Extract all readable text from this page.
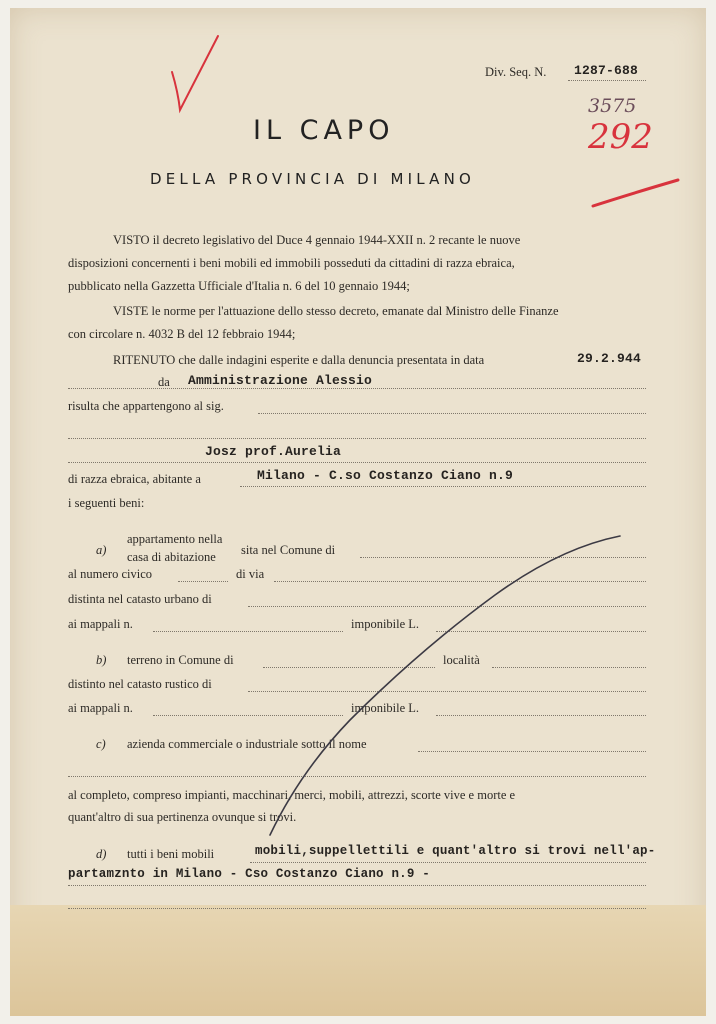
Div. Seq. N. 1287-688
3575
292
IL CAPO
DELLA PROVINCIA DI MILANO
VISTO il decreto legislativo del Duce 4 gennaio 1944-XXII n. 2 recante le nuove
disposizioni concernenti i beni mobili ed immobili posseduti da cittadini di razza ebraica,
pubblicato nella Gazzetta Ufficiale d'Italia n. 6 del 10 gennaio 1944;
VISTE le norme per l'attuazione dello stesso decreto, emanate dal Ministro delle Finanze
con circolare n. 4032 B del 12 febbraio 1944;
RITENUTO che dalle indagini esperite e dalla denuncia presentata in data	29.2.944
da Amministrazione Alessio
risulta che appartengono al sig.
Josz prof.Aurelia
di razza ebraica, abitante a	Milano - C.so Costanzo Ciano n.9
i seguenti beni:
a)
appartamento nella
casa di abitazione sita nel Comune di
al numero civico	di via
distinta nel catasto urbano di
ai mappali n.	imponibile L.
b) terreno in Comune di	località
distinto nel catasto rustico di
ai mappali n.	imponibile L.
c) azienda commerciale o industriale sotto il nome
al completo, compreso impianti, macchinari, merci, mobili, attrezzi, scorte vive e morte e
quant'altro di sua pertinenza ovunque si trovi.
d) tutti i beni mobili	mobili,suppellettili e quant'altro si trovi nell'ap-
partamznto in Milano - Cso Costanzo Ciano n.9 -
